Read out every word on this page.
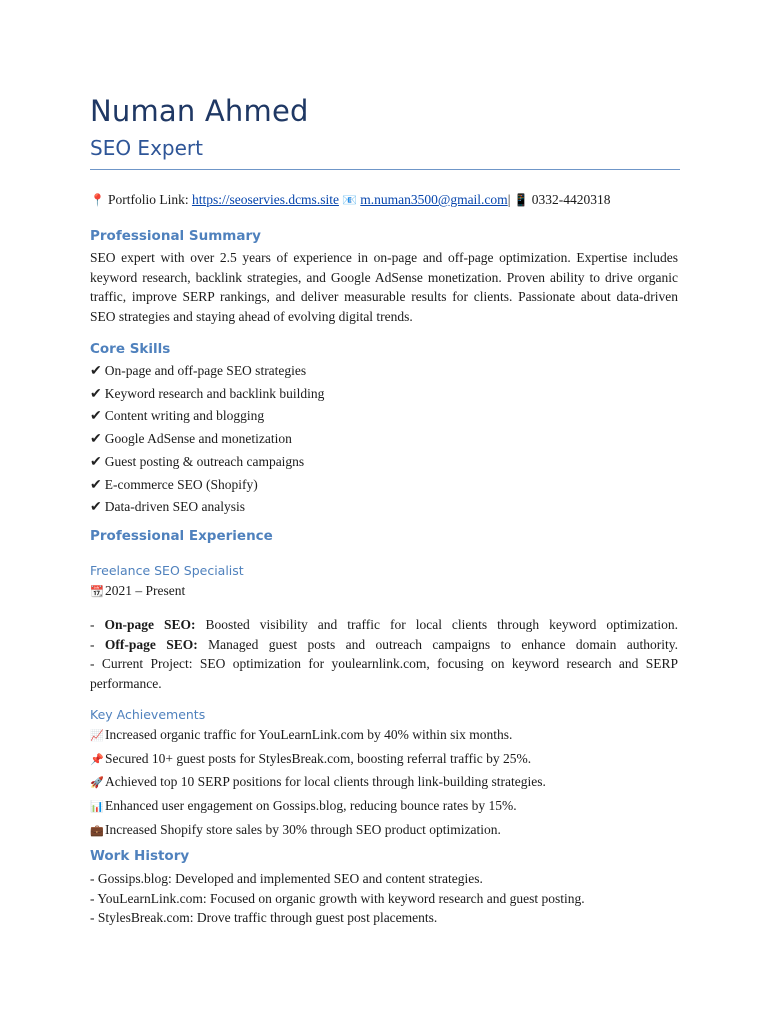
Numan Ahmed
SEO Expert
📍 Portfolio Link: https://seoservies.dcms.site 📧 m.numan3500@gmail.com| 📱 0332-4420318
Professional Summary
SEO expert with over 2.5 years of experience in on-page and off-page optimization. Expertise includes keyword research, backlink strategies, and Google AdSense monetization. Proven ability to drive organic traffic, improve SERP rankings, and deliver measurable results for clients. Passionate about data-driven SEO strategies and staying ahead of evolving digital trends.
Core Skills
✔ On-page and off-page SEO strategies
✔ Keyword research and backlink building
✔ Content writing and blogging
✔ Google AdSense and monetization
✔ Guest posting & outreach campaigns
✔ E-commerce SEO (Shopify)
✔ Data-driven SEO analysis
Professional Experience
Freelance SEO Specialist
📆2021 – Present
- On-page SEO: Boosted visibility and traffic for local clients through keyword optimization.
- Off-page SEO: Managed guest posts and outreach campaigns to enhance domain authority.
- Current Project: SEO optimization for youlearnlink.com, focusing on keyword research and SERP performance.
Key Achievements
📈Increased organic traffic for YouLearnLink.com by 40% within six months.
📌Secured 10+ guest posts for StylesBreak.com, boosting referral traffic by 25%.
🚀Achieved top 10 SERP positions for local clients through link-building strategies.
📊Enhanced user engagement on Gossips.blog, reducing bounce rates by 15%.
💼Increased Shopify store sales by 30% through SEO product optimization.
Work History
- Gossips.blog: Developed and implemented SEO and content strategies.
- YouLearnLink.com: Focused on organic growth with keyword research and guest posting.
- StylesBreak.com: Drove traffic through guest post placements.
